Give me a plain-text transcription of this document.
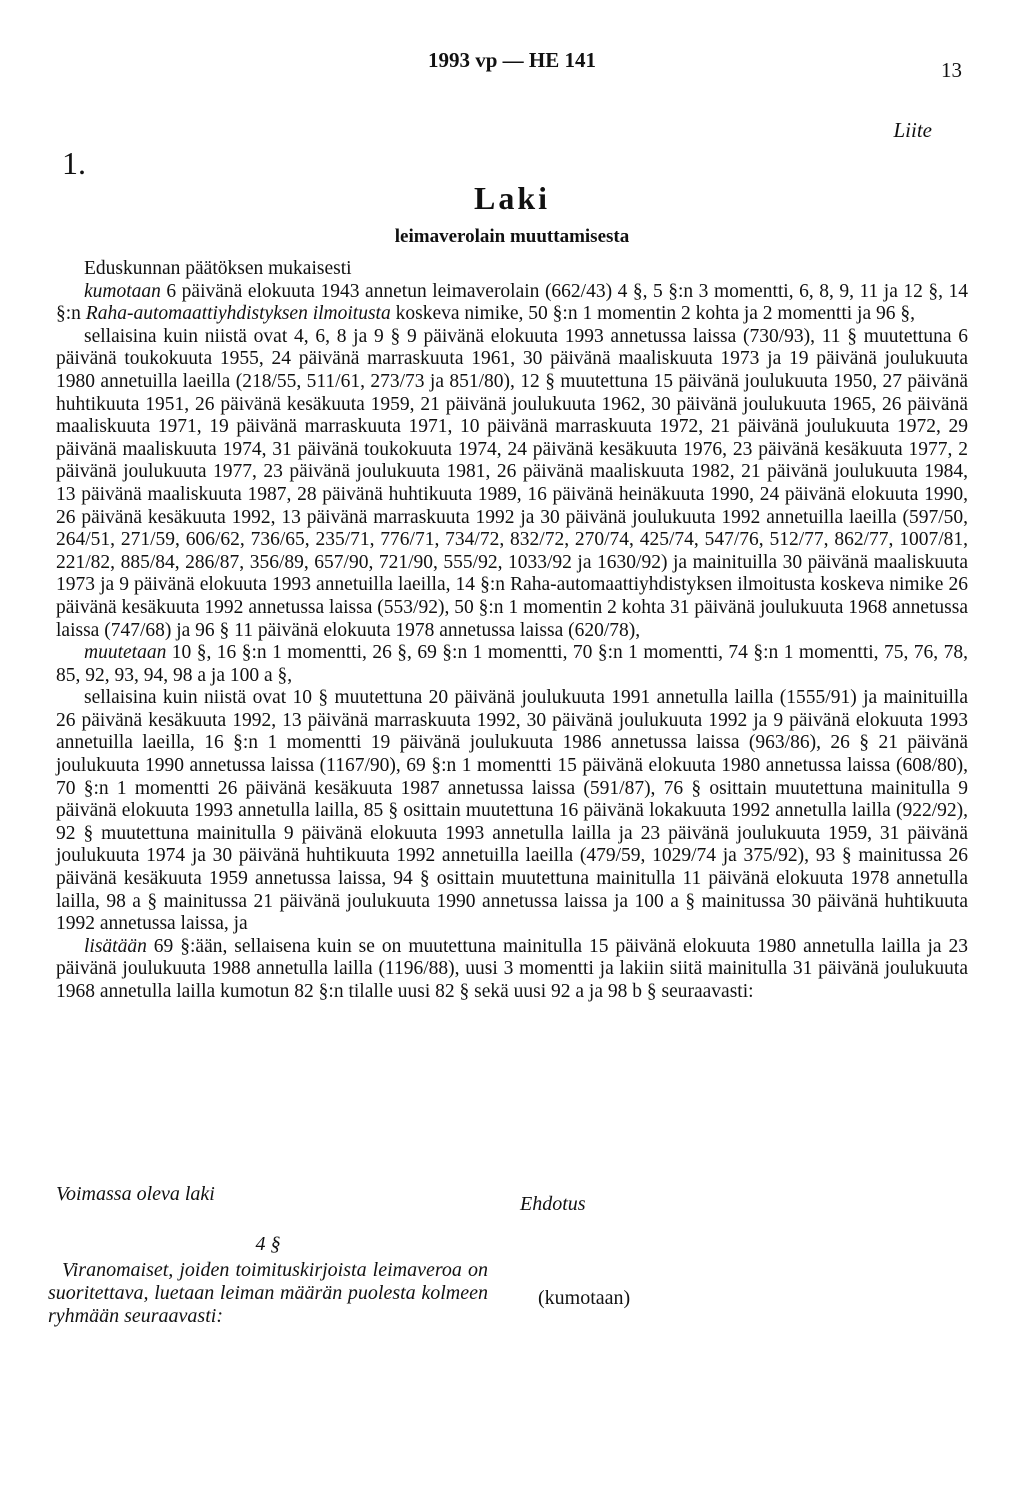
1993 vp — HE 141	13
Liite
1.
Laki
leimaverolain muuttamisesta

Eduskunnan päätöksen mukaisesti

kumotaan 6 päivänä elokuuta 1943 annetun leimaverolain (662/43) 4 §, 5 §:n 3 momentti, 6, 8, 9, 11 ja 12 §, 14 §:n Raha-automaattiyhdistyksen ilmoitusta koskeva nimike, 50 §:n 1 momentin 2 kohta ja 2 momentti ja 96 §,

sellaisina kuin niistä ovat 4, 6, 8 ja 9 § 9 päivänä elokuuta 1993 annetussa laissa (730/93), 11 § muutettuna 6 päivänä toukokuuta 1955, 24 päivänä marraskuuta 1961, 30 päivänä maaliskuuta 1973 ja 19 päivänä joulukuuta 1980 annetuilla laeilla (218/55, 511/61, 273/73 ja 851/80), 12 § muutettuna 15 päivänä joulukuuta 1950, 27 päivänä huhtikuuta 1951, 26 päivänä kesäkuuta 1959, 21 päivänä joulukuuta 1962, 30 päivänä joulukuuta 1965, 26 päivänä maaliskuuta 1971, 19 päivänä marraskuuta 1971, 10 päivänä marraskuuta 1972, 21 päivänä joulukuuta 1972, 29 päivänä maaliskuuta 1974, 31 päivänä toukokuuta 1974, 24 päivänä kesäkuuta 1976, 23 päivänä kesäkuuta 1977, 2 päivänä joulukuuta 1977, 23 päivänä joulukuuta 1981, 26 päivänä maaliskuuta 1982, 21 päivänä joulukuuta 1984, 13 päivänä maaliskuuta 1987, 28 päivänä huhtikuuta 1989, 16 päivänä heinäkuuta 1990, 24 päivänä elokuuta 1990, 26 päivänä kesäkuuta 1992, 13 päivänä marraskuuta 1992 ja 30 päivänä joulukuuta 1992 annetuilla laeilla (597/50, 264/51, 271/59, 606/62, 736/65, 235/71, 776/71, 734/72, 832/72, 270/74, 425/74, 547/76, 512/77, 862/77, 1007/81, 221/82, 885/84, 286/87, 356/89, 657/90, 721/90, 555/92, 1033/92 ja 1630/92) ja mainituilla 30 päivänä maaliskuuta 1973 ja 9 päivänä elokuuta 1993 annetuilla laeilla, 14 §:n Raha-automaattiyhdistyksen ilmoitusta koskeva nimike 26 päivänä kesäkuuta 1992 annetussa laissa (553/92), 50 §:n 1 momentin 2 kohta 31 päivänä joulukuuta 1968 annetussa laissa (747/68) ja 96 § 11 päivänä elokuuta 1978 annetussa laissa (620/78),

muutetaan 10 §, 16 §:n 1 momentti, 26 §, 69 §:n 1 momentti, 70 §:n 1 momentti, 74 §:n 1 momentti, 75, 76, 78, 85, 92, 93, 94, 98 a ja 100 a §,

sellaisina kuin niistä ovat 10 § muutettuna 20 päivänä joulukuuta 1991 annetulla lailla (1555/91) ja mainituilla 26 päivänä kesäkuuta 1992, 13 päivänä marraskuuta 1992, 30 päivänä joulukuuta 1992 ja 9 päivänä elokuuta 1993 annetuilla laeilla, 16 §:n 1 momentti 19 päivänä joulukuuta 1986 annetussa laissa (963/86), 26 § 21 päivänä joulukuuta 1990 annetussa laissa (1167/90), 69 §:n 1 momentti 15 päivänä elokuuta 1980 annetussa laissa (608/80), 70 §:n 1 momentti 26 päivänä kesäkuuta 1987 annetussa laissa (591/87), 76 § osittain muutettuna mainitulla 9 päivänä elokuuta 1993 annetulla lailla, 85 § osittain muutettuna 16 päivänä lokakuuta 1992 annetulla lailla (922/92), 92 § muutettuna mainitulla 9 päivänä elokuuta 1993 annetulla lailla ja 23 päivänä joulukuuta 1959, 31 päivänä joulukuuta 1974 ja 30 päivänä huhtikuuta 1992 annetuilla laeilla (479/59, 1029/74 ja 375/92), 93 § mainitussa 26 päivänä kesäkuuta 1959 annetussa laissa, 94 § osittain muutettuna mainitulla 11 päivänä elokuuta 1978 annetulla lailla, 98 a § mainitussa 21 päivänä joulukuuta 1990 annetussa laissa ja 100 a § mainitussa 30 päivänä huhtikuuta 1992 annetussa laissa, ja

lisätään 69 §:ään, sellaisena kuin se on muutettuna mainitulla 15 päivänä elokuuta 1980 annetulla lailla ja 23 päivänä joulukuuta 1988 annetulla lailla (1196/88), uusi 3 momentti ja lakiin siitä mainitulla 31 päivänä joulukuuta 1968 annetulla lailla kumotun 82 §:n tilalle uusi 82 § sekä uusi 92 a ja 98 b § seuraavasti:

Voimassa oleva laki	Ehdotus
4 §
Viranomaiset, joiden toimituskirjoista leimaveroa on suoritettava, luetaan leiman määrän puolesta kolmeen ryhmään seuraavasti:
(kumotaan)
